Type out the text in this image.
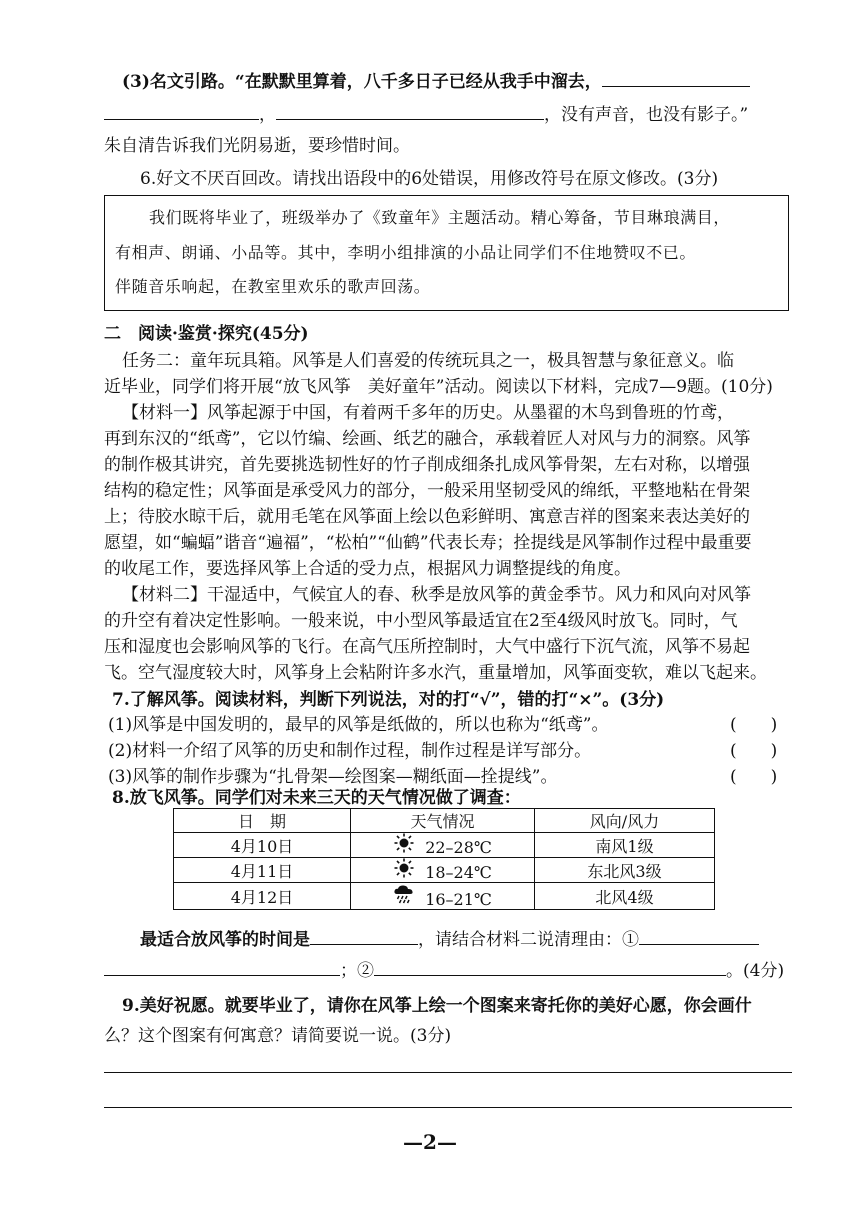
(3)名文引路。“在默默里算着，八千多日子已经从我手中溜去，
，	，没有声音，也没有影子。”
朱自清告诉我们光阴易逝，要珍惜时间。
6.好文不厌百回改。请找出语段中的6处错误，用修改符号在原文修改。(3分)
我们既将毕业了，班级举办了《致童年》主题活动。精心筹备，节目琳琅满目，
有相声、朗诵、小品等。其中，李明小组排演的小品让同学们不住地赞叹不已。
伴随音乐响起，在教室里欢乐的歌声回荡。
二　阅读·鉴赏·探究(45分)
任务二：童年玩具箱。风筝是人们喜爱的传统玩具之一，极具智慧与象征意义。临
近毕业，同学们将开展“放飞风筝　美好童年”活动。阅读以下材料，完成7—9题。(10分)
【材料一】风筝起源于中国，有着两千多年的历史。从墨翟的木鸟到鲁班的竹鸢，
再到东汉的“纸鸢”，它以竹编、绘画、纸艺的融合，承载着匠人对风与力的洞察。风筝
的制作极其讲究，首先要挑选韧性好的竹子削成细条扎成风筝骨架，左右对称，以增强
结构的稳定性；风筝面是承受风力的部分，一般采用坚韧受风的绵纸，平整地粘在骨架
上；待胶水晾干后，就用毛笔在风筝面上绘以色彩鲜明、寓意吉祥的图案来表达美好的
愿望，如“蝙蝠”谐音“遍福”，“松柏”“仙鹤”代表长寿；拴提线是风筝制作过程中最重要
的收尾工作，要选择风筝上合适的受力点，根据风力调整提线的角度。
【材料二】干湿适中，气候宜人的春、秋季是放风筝的黄金季节。风力和风向对风筝
的升空有着决定性影响。一般来说，中小型风筝最适宜在2至4级风时放飞。同时，气
压和湿度也会影响风筝的飞行。在高气压所控制时，大气中盛行下沉气流，风筝不易起
飞。空气湿度较大时，风筝身上会粘附许多水汽，重量增加，风筝面变软，难以飞起来。
7.了解风筝。阅读材料，判断下列说法，对的打“√”，错的打“×”。(3分)
(1)风筝是中国发明的，最早的风筝是纸做的，所以也称为“纸鸢”。	(　　)
(2)材料一介绍了风筝的历史和制作过程，制作过程是详写部分。	(　　)
(3)风筝的制作步骤为“扎骨架—绘图案—糊纸面—拴提线”。	(　　)
8.放飞风筝。同学们对未来三天的天气情况做了调查：
日　期	天气情况	风向/风力
4月10日	22–28℃	南风1级
4月11日	18–24℃	东北风3级
4月12日	16–21℃	北风4级
最适合放风筝的时间是	，请结合材料二说清理由：①
；②	。(4分)
9.美好祝愿。就要毕业了，请你在风筝上绘一个图案来寄托你的美好心愿，你会画什
么？这个图案有何寓意？请简要说一说。(3分)
—2—
